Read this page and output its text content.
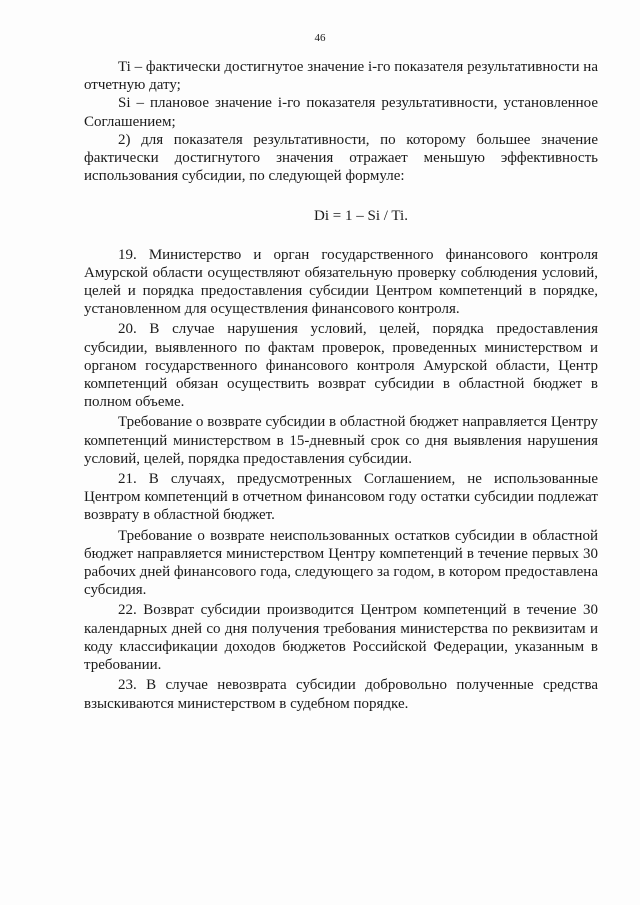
46

Ti – фактически достигнутое значение i-го показателя результативности на отчетную дату;

Si – плановое значение i-го показателя результативности, установленное Соглашением;

2) для показателя результативности, по которому большее значение фактически достигнутого значения отражает меньшую эффективность использования субсидии, по следующей формуле:

Di = 1 – Si / Ti.

19. Министерство и орган государственного финансового контроля Амурской области осуществляют обязательную проверку соблюдения условий, целей и порядка предоставления субсидии Центром компетенций в порядке, установленном для осуществления финансового контроля.

20. В случае нарушения условий, целей, порядка предоставления субсидии, выявленного по фактам проверок, проведенных министерством и органом государственного финансового контроля Амурской области, Центр компетенций обязан осуществить возврат субсидии в областной бюджет в полном объеме.

Требование о возврате субсидии в областной бюджет направляется Центру компетенций министерством в 15-дневный срок со дня выявления нарушения условий, целей, порядка предоставления субсидии.

21. В случаях, предусмотренных Соглашением, не использованные Центром компетенций в отчетном финансовом году остатки субсидии подлежат возврату в областной бюджет.

Требование о возврате неиспользованных остатков субсидии в областной бюджет направляется министерством Центру компетенций в течение первых 30 рабочих дней финансового года, следующего за годом, в котором предоставлена субсидия.

22. Возврат субсидии производится Центром компетенций в течение 30 календарных дней со дня получения требования министерства по реквизитам и коду классификации доходов бюджетов Российской Федерации, указанным в требовании.

23. В случае невозврата субсидии добровольно полученные средства взыскиваются министерством в судебном порядке.
